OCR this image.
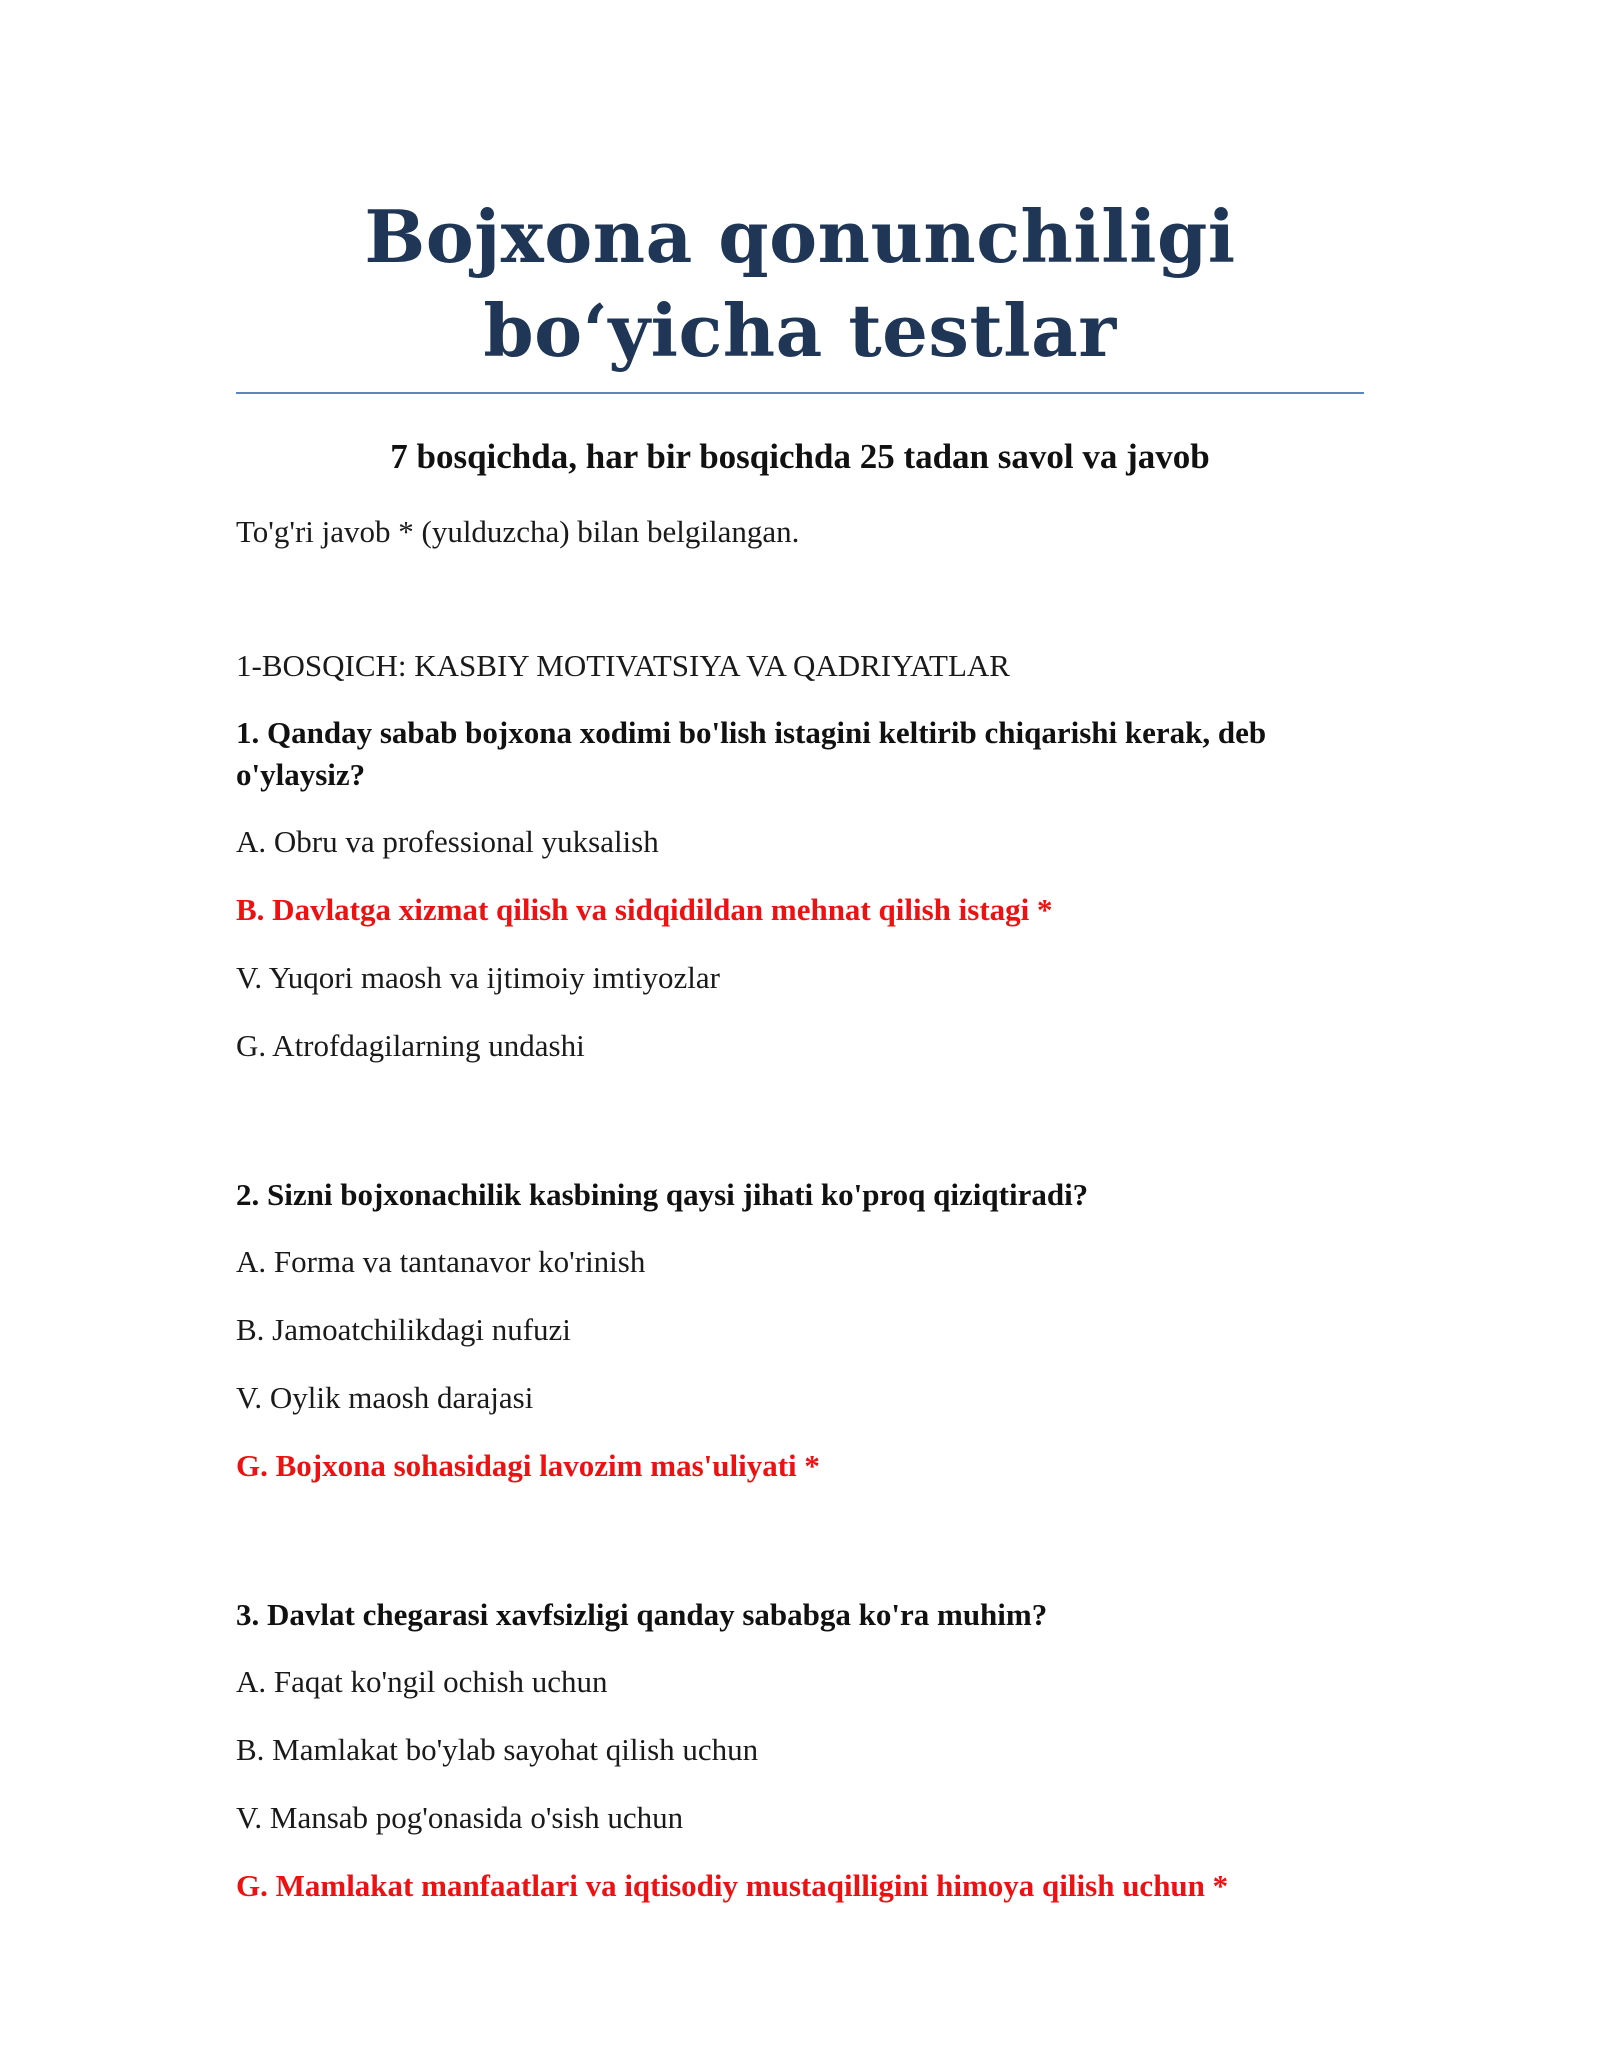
Bojxona qonunchiligi bo‘yicha testlar
7 bosqichda, har bir bosqichda 25 tadan savol va javob

To'g'ri javob * (yulduzcha) bilan belgilangan.

1-BOSQICH: KASBIY MOTIVATSIYA VA QADRIYATLAR

1. Qanday sabab bojxona xodimi bo'lish istagini keltirib chiqarishi kerak, deb o'ylaysiz?

A. Obru va professional yuksalish
B. Davlatga xizmat qilish va sidqidildan mehnat qilish istagi *
V. Yuqori maosh va ijtimoiy imtiyozlar
G. Atrofdagilarning undashi

2. Sizni bojxonachilik kasbining qaysi jihati ko'proq qiziqtiradi?

A. Forma va tantanavor ko'rinish
B. Jamoatchilikdagi nufuzi
V. Oylik maosh darajasi
G. Bojxona sohasidagi lavozim mas'uliyati *

3. Davlat chegarasi xavfsizligi qanday sababga ko'ra muhim?

A. Faqat ko'ngil ochish uchun
B. Mamlakat bo'ylab sayohat qilish uchun
V. Mansab pog'onasida o'sish uchun
G. Mamlakat manfaatlari va iqtisodiy mustaqilligini himoya qilish uchun *
